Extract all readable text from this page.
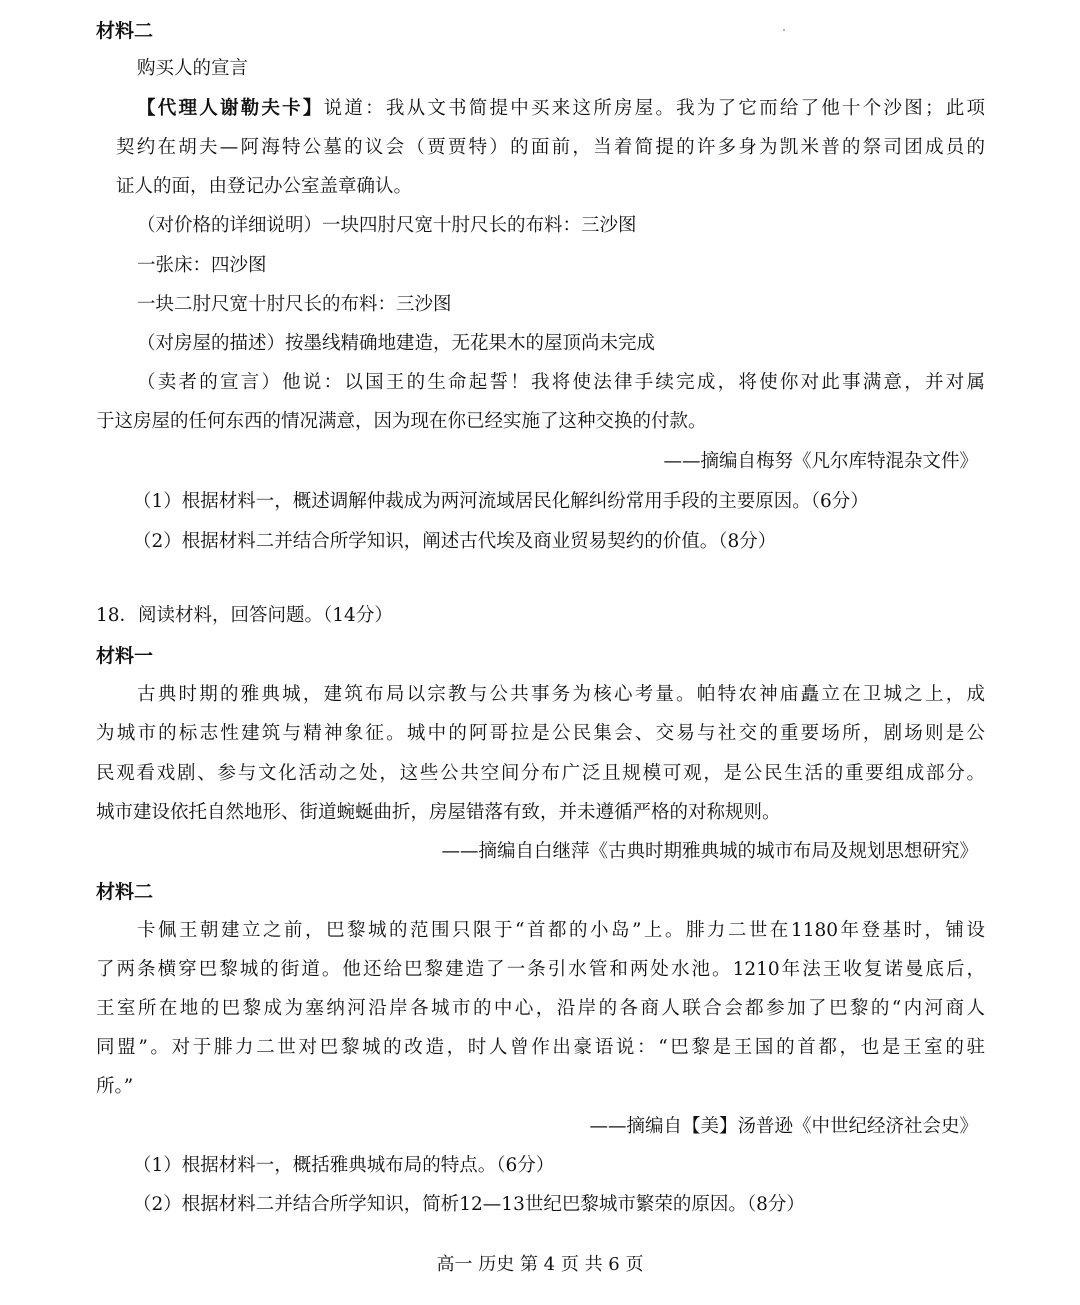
材料二
购买人的宣言
【代理人谢勒夫卡】说道：我从文书简提中买来这所房屋。我为了它而给了他十个沙图；此项
契约在胡夫—阿海特公墓的议会（贾贾特）的面前，当着简提的许多身为凯米普的祭司团成员的
证人的面，由登记办公室盖章确认。
（对价格的详细说明）一块四肘尺宽十肘尺长的布料：三沙图
一张床：四沙图
一块二肘尺宽十肘尺长的布料：三沙图
（对房屋的描述）按墨线精确地建造，无花果木的屋顶尚未完成
（卖者的宣言）他说：以国王的生命起誓！我将使法律手续完成，将使你对此事满意，并对属
于这房屋的任何东西的情况满意，因为现在你已经实施了这种交换的付款。
——摘编自梅努《凡尔库特混杂文件》
（1）根据材料一，概述调解仲裁成为两河流域居民化解纠纷常用手段的主要原因。（6分）
（2）根据材料二并结合所学知识，阐述古代埃及商业贸易契约的价值。（8分）
18．阅读材料，回答问题。（14分）
材料一
古典时期的雅典城，建筑布局以宗教与公共事务为核心考量。帕特农神庙矗立在卫城之上，成
为城市的标志性建筑与精神象征。城中的阿哥拉是公民集会、交易与社交的重要场所，剧场则是公
民观看戏剧、参与文化活动之处，这些公共空间分布广泛且规模可观，是公民生活的重要组成部分。
城市建设依托自然地形、街道蜿蜒曲折，房屋错落有致，并未遵循严格的对称规则。
——摘编自白继萍《古典时期雅典城的城市布局及规划思想研究》
材料二
卡佩王朝建立之前，巴黎城的范围只限于“首都的小岛”上。腓力二世在1180年登基时，铺设
了两条横穿巴黎城的街道。他还给巴黎建造了一条引水管和两处水池。1210年法王收复诺曼底后，
王室所在地的巴黎成为塞纳河沿岸各城市的中心，沿岸的各商人联合会都参加了巴黎的“内河商人
同盟”。对于腓力二世对巴黎城的改造，时人曾作出豪语说：“巴黎是王国的首都，也是王室的驻
所。”
——摘编自【美】汤普逊《中世纪经济社会史》
（1）根据材料一，概括雅典城布局的特点。（6分）
（2）根据材料二并结合所学知识，简析12—13世纪巴黎城市繁荣的原因。（8分）
高一 历史 第 4 页 共 6 页
